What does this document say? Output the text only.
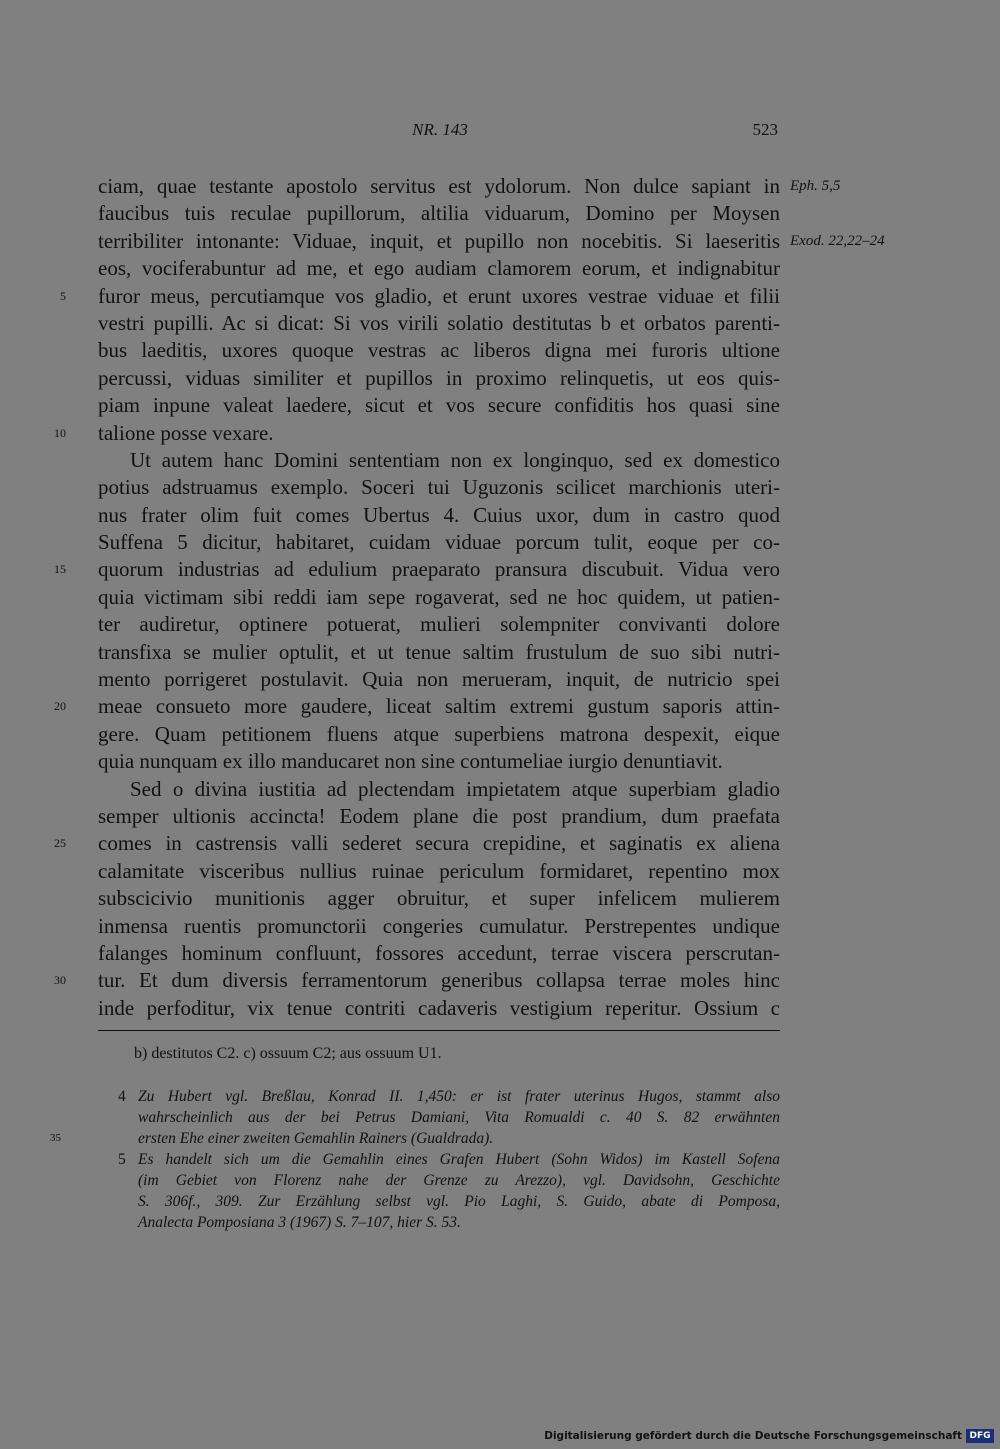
NR. 143	523
ciam, quae testante apostolo servitus est ydolorum. Non dulce sapiant in Eph. 5,5
faucibus tuis reculae pupillorum, altilia viduarum, Domino per Moysen
terribiliter intonante: Viduae, inquit, et pupillo non nocebitis. Si laeseritis Exod. 22,22–24
eos, vociferabuntur ad me, et ego audiam clamorem eorum, et indignabitur
furor meus, percutiamque vos gladio, et erunt uxores vestrae viduae et filii
5
vestri pupilli. Ac si dicat: Si vos virili solatio destitutas b et orbatos parenti-
bus laeditis, uxores quoque vestras ac liberos digna mei furoris ultione
percussi, viduas similiter et pupillos in proximo relinquetis, ut eos quis-
piam inpune valeat laedere, sicut et vos secure confiditis hos quasi sine
talione posse vexare.
10
Ut autem hanc Domini sententiam non ex longinquo, sed ex domestico
potius adstruamus exemplo. Soceri tui Uguzonis scilicet marchionis uteri-
nus frater olim fuit comes Ubertus 4. Cuius uxor, dum in castro quod
Suffena 5 dicitur, habitaret, cuidam viduae porcum tulit, eoque per co-
quorum industrias ad edulium praeparato pransura discubuit. Vidua vero
15
quia victimam sibi reddi iam sepe rogaverat, sed ne hoc quidem, ut patien-
ter audiretur, optinere potuerat, mulieri solempniter convivanti dolore
transfixa se mulier optulit, et ut tenue saltim frustulum de suo sibi nutri-
mento porrigeret postulavit. Quia non merueram, inquit, de nutricio spei
meae consueto more gaudere, liceat saltim extremi gustum saporis attin-
20
gere. Quam petitionem fluens atque superbiens matrona despexit, eique
quia nunquam ex illo manducaret non sine contumeliae iurgio denuntiavit.
Sed o divina iustitia ad plectendam impietatem atque superbiam gladio
semper ultionis accincta! Eodem plane die post prandium, dum praefata
comes in castrensis valli sederet secura crepidine, et saginatis ex aliena
25
calamitate visceribus nullius ruinae periculum formidaret, repentino mox
subscicivio munitionis agger obruitur, et super infelicem mulierem
inmensa ruentis promunctorii congeries cumulatur. Perstrepentes undique
falanges hominum confluunt, fossores accedunt, terrae viscera perscrutan-
tur. Et dum diversis ferramentorum generibus collapsa terrae moles hinc
30
inde perfoditur, vix tenue contriti cadaveris vestigium reperitur. Ossium c
b) destitutos C2. c) ossuum C2; aus ossuum U1.
4 Zu Hubert vgl. Breßlau, Konrad II. 1,450: er ist frater uterinus Hugos, stammt also
wahrscheinlich aus der bei Petrus Damiani, Vita Romualdi c. 40 S. 82 erwähnten
ersten Ehe einer zweiten Gemahlin Rainers (Gualdrada).
35
5 Es handelt sich um die Gemahlin eines Grafen Hubert (Sohn Widos) im Kastell Sofena
(im Gebiet von Florenz nahe der Grenze zu Arezzo), vgl. Davidsohn, Geschichte
S. 306f., 309. Zur Erzählung selbst vgl. Pio Laghi, S. Guido, abate di Pomposa,
Analecta Pomposiana 3 (1967) S. 7–107, hier S. 53.
Digitalisierung gefördert durch die Deutsche Forschungsgemeinschaft DFG
